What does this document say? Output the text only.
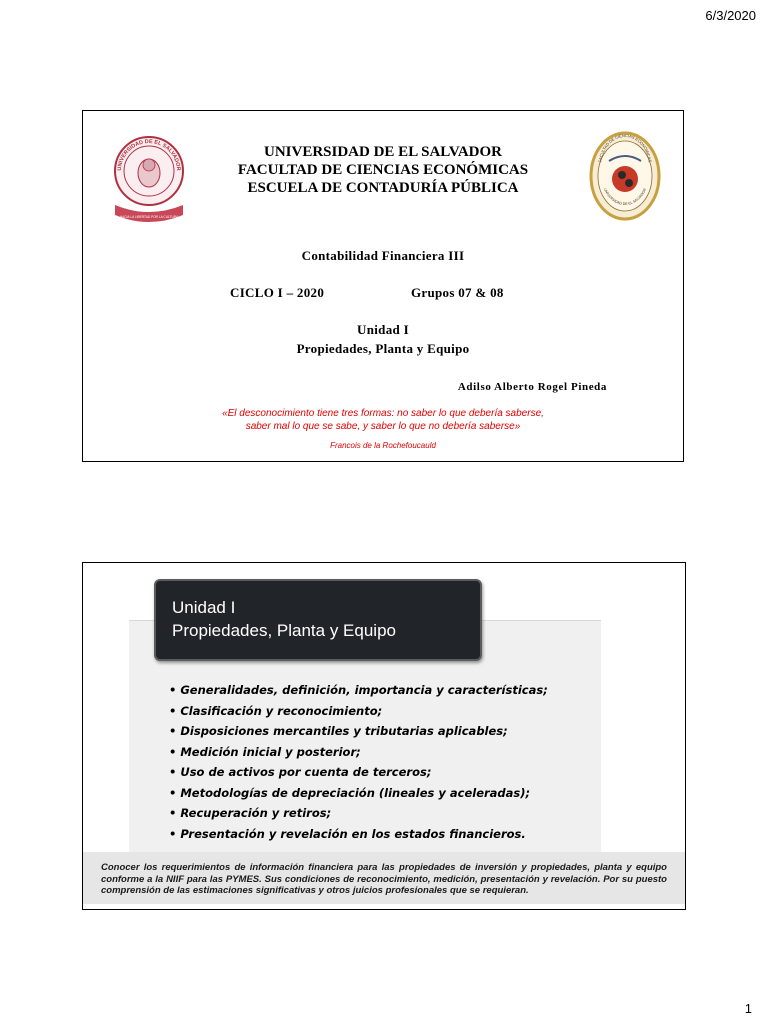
6/3/2020
UNIVERSIDAD DE EL SALVADOR
HACIA LA LIBERTAD POR LA CULTURA
FACULTAD DE CIENCIAS ECONÓMICAS
UNIVERSIDAD DE EL SALVADOR
UNIVERSIDAD DE EL SALVADOR
FACULTAD DE CIENCIAS ECONÓMICAS
ESCUELA DE CONTADURÍA PÚBLICA
Contabilidad Financiera III
CICLO I – 2020	Grupos 07 & 08
Unidad I
Propiedades, Planta y Equipo
Adilso Alberto Rogel Pineda
«El desconocimiento tiene tres formas: no saber lo que debería saberse,
saber mal lo que se sabe, y saber lo que no debería saberse»
Francois de la Rochefoucauld
Unidad I
Propiedades, Planta y Equipo
• Generalidades, definición, importancia y características;
• Clasificación y reconocimiento;
• Disposiciones mercantiles y tributarias aplicables;
• Medición inicial y posterior;
• Uso de activos por cuenta de terceros;
• Metodologías de depreciación (lineales y aceleradas);
• Recuperación y retiros;
• Presentación y revelación en los estados financieros.
Conocer los requerimientos de información financiera para las propiedades de inversión y propiedades, planta y equipo conforme a la NIIF para las PYMES. Sus condiciones de reconocimiento, medición, presentación y revelación. Por su puesto comprensión de las estimaciones significativas y otros juicios profesionales que se requieran.
1
